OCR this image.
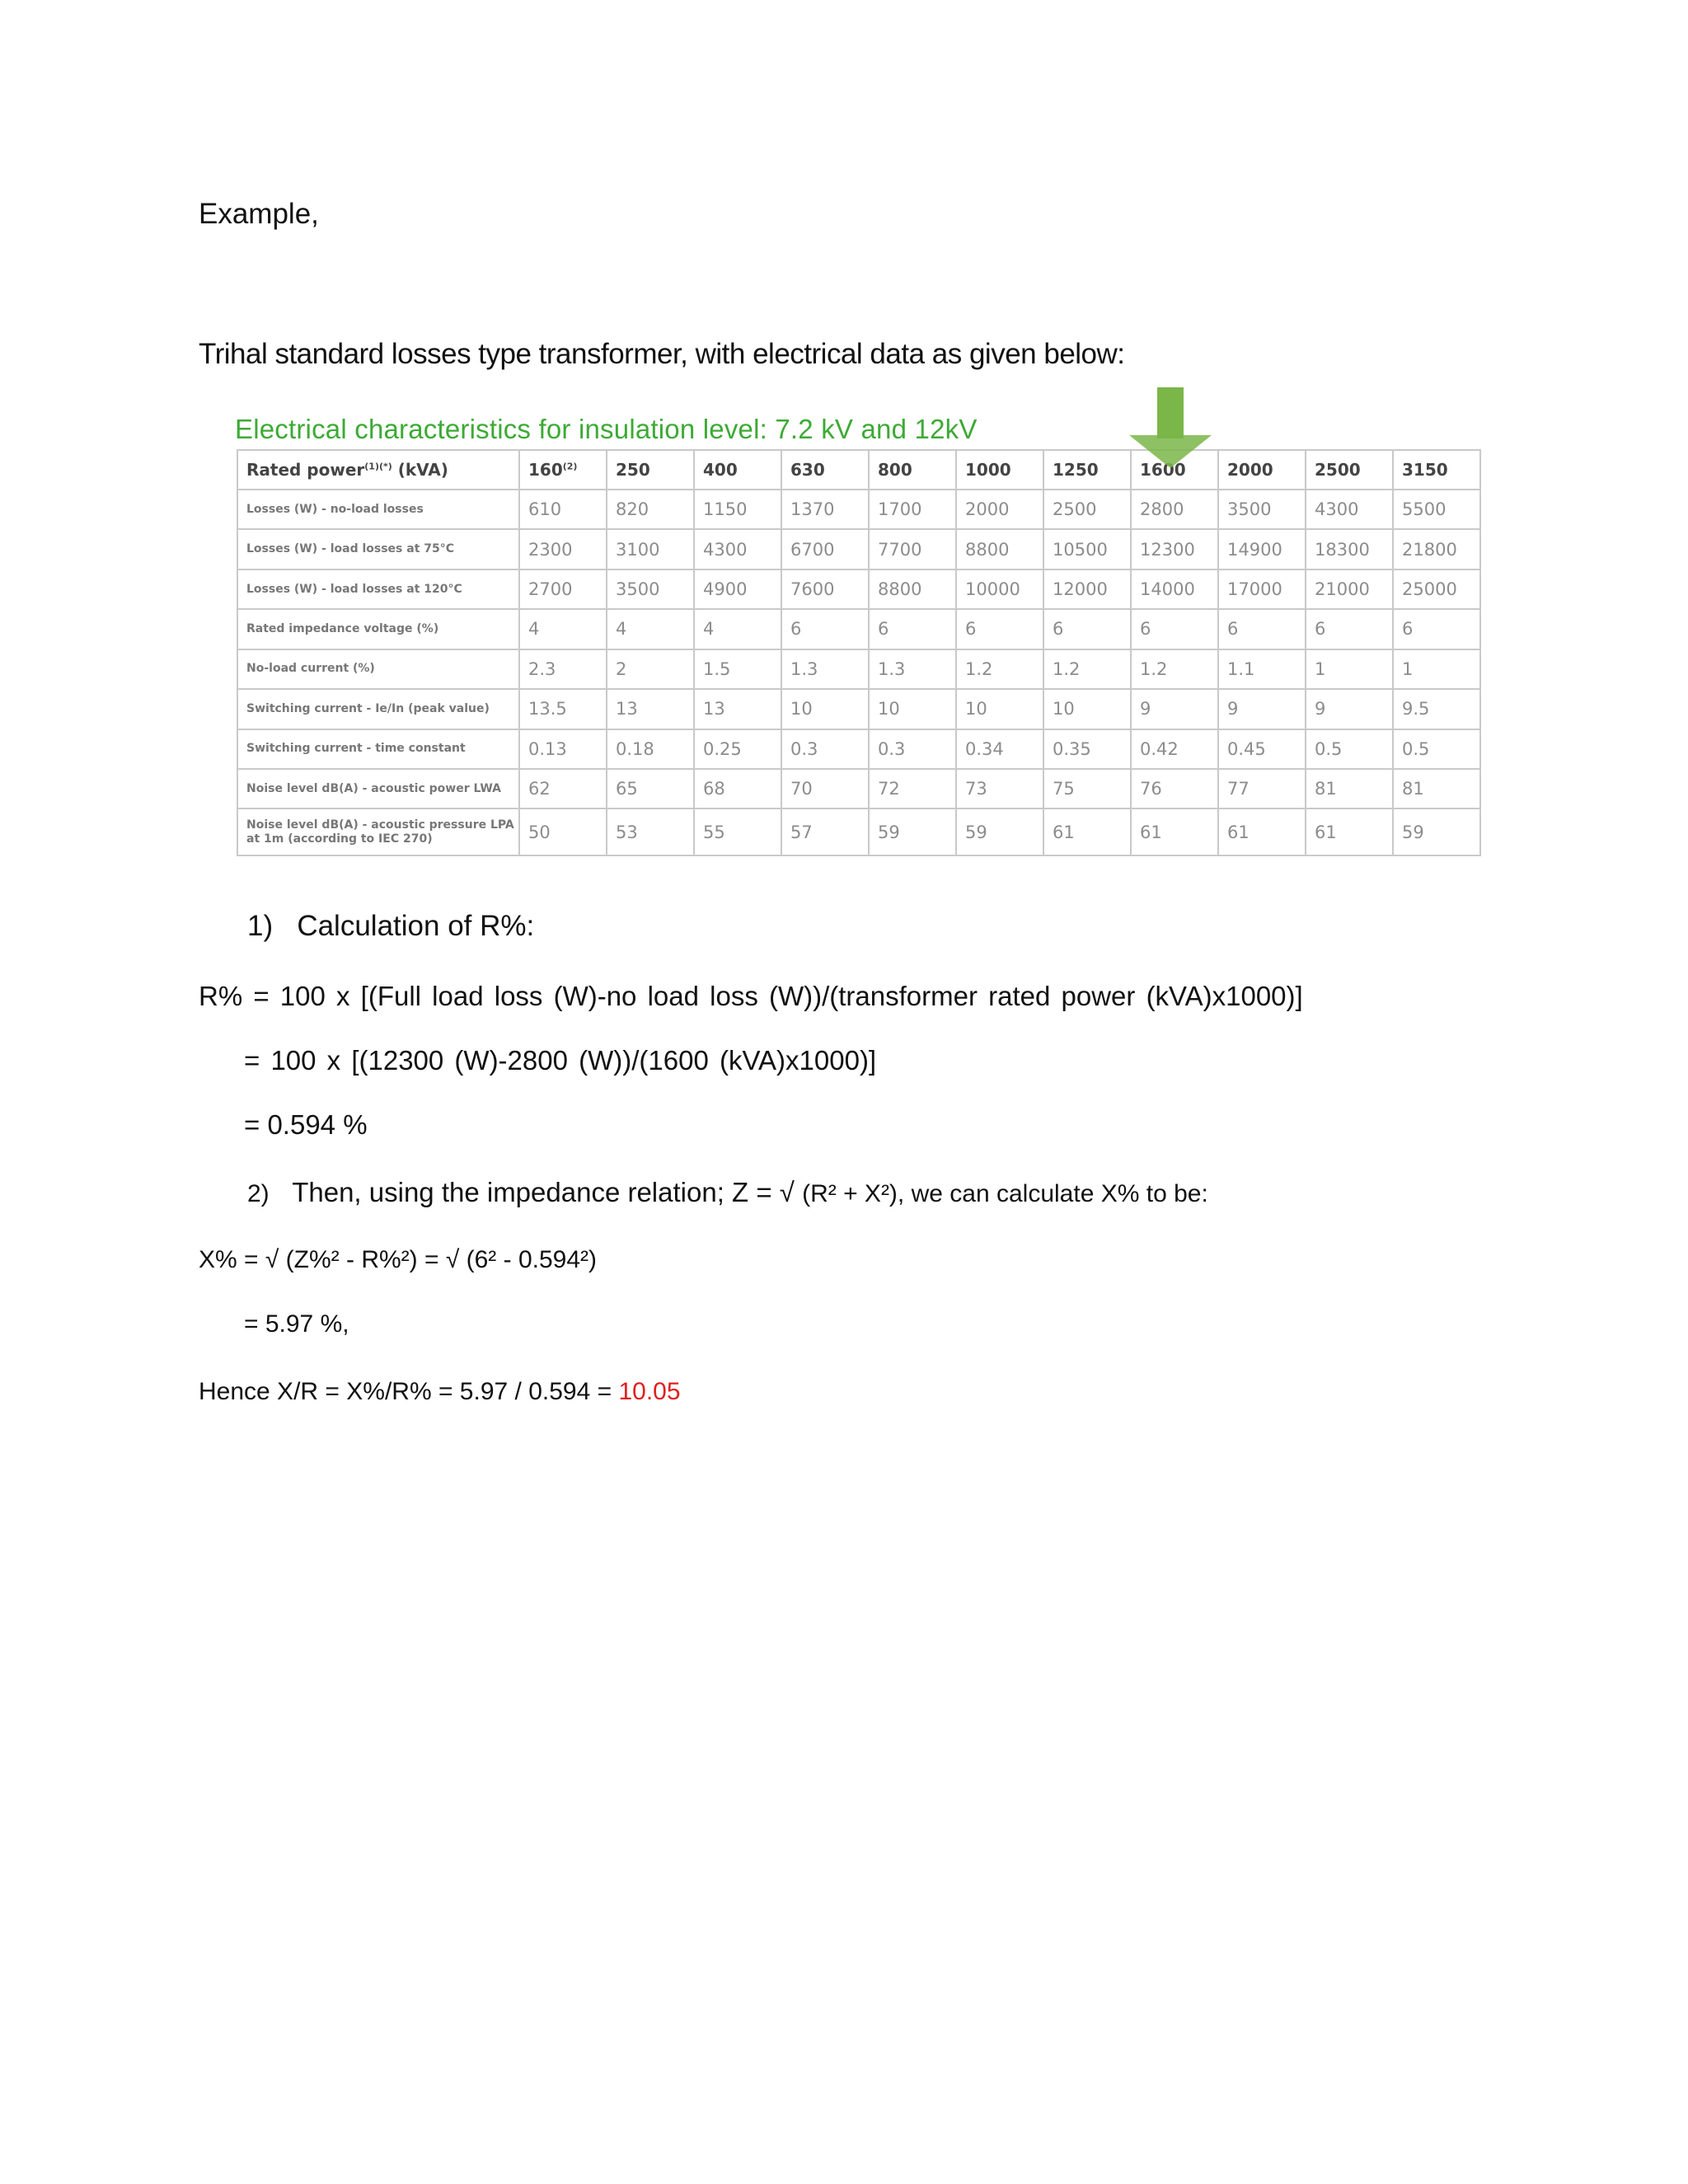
Example,
Trihal standard losses type transformer, with electrical data as given below:
Electrical characteristics for insulation level: 7.2 kV and 12kV
Rated power$^{(1)(*)}$ (kVA)	160$^{(2)}$	250	400	630	800	1000	1250	1600	2000	2500	3150
Losses (W) - no-load losses	610	820	1150	1370	1700	2000	2500	2800	3500	4300	5500
Losses (W) - load losses at 75°C	2300	3100	4300	6700	7700	8800	10500	12300	14900	18300	21800
Losses (W) - load losses at 120°C	2700	3500	4900	7600	8800	10000	12000	14000	17000	21000	25000
Rated impedance voltage (%)	4	4	4	6	6	6	6	6	6	6	6
No-load current (%)	2.3	2	1.5	1.3	1.3	1.2	1.2	1.2	1.1	1	1
Switching current - Ie/In (peak value)	13.5	13	13	10	10	10	10	9	9	9	9.5
Switching current - time constant	0.13	0.18	0.25	0.3	0.3	0.34	0.35	0.42	0.45	0.5	0.5
Noise level dB(A) - acoustic power LWA	62	65	68	70	72	73	75	76	77	81	81
Noise level dB(A) - acoustic pressure LPA at 1m (according to IEC 270)	50	53	55	57	59	59	61	61	61	61	59
1) Calculation of R%:
R% = 100 x [(Full load loss (W)-no load loss (W))/(transformer rated power (kVA)x1000)]
= 100 x [(12300 (W)-2800 (W))/(1600 (kVA)x1000)]
= 0.594 %
2) Then, using the impedance relation; Z = √ (R² + X²), we can calculate X% to be:
X% = √ (Z%² - R%²) = √ (6² - 0.594²)
= 5.97 %,
Hence X/R = X%/R% = 5.97 / 0.594 = 10.05
